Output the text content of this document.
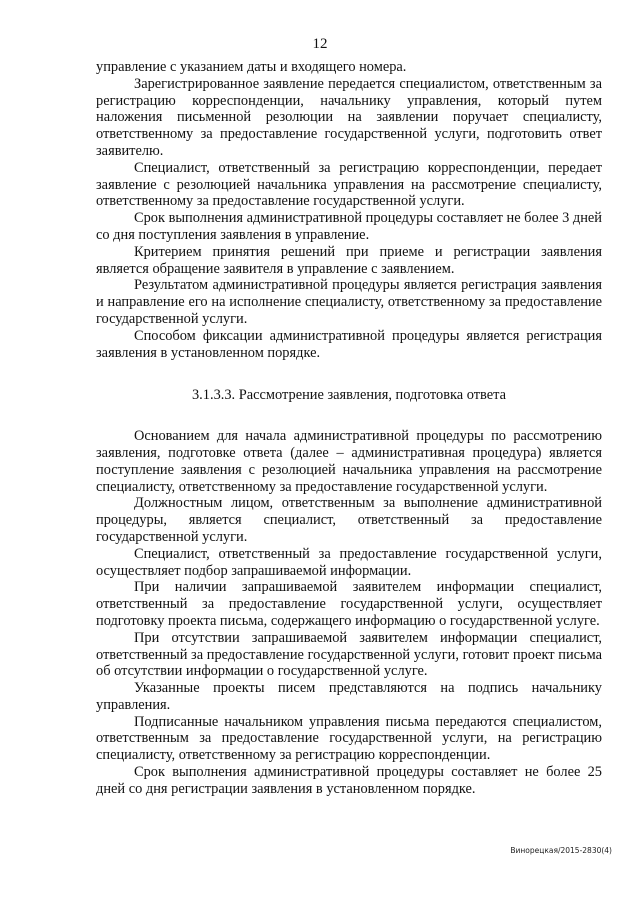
12

управление с указанием даты и входящего номера.

Зарегистрированное заявление передается специалистом, ответственным за регистрацию корреспонденции, начальнику управления, который путем наложения письменной резолюции на заявлении поручает специалисту, ответственному за предоставление государственной услуги, подготовить ответ заявителю.

Специалист, ответственный за регистрацию корреспонденции, передает заявление с резолюцией начальника управления на рассмотрение специалисту, ответственному за предоставление государственной услуги.

Срок выполнения административной процедуры составляет не более 3 дней со дня поступления заявления в управление.

Критерием принятия решений при приеме и регистрации заявления является обращение заявителя в управление с заявлением.

Результатом административной процедуры является регистрация заявления и направление его на исполнение специалисту, ответственному за предоставление государственной услуги.

Способом фиксации административной процедуры является регистрация заявления в установленном порядке.

3.1.3.3. Рассмотрение заявления, подготовка ответа

Основанием для начала административной процедуры по рассмотрению заявления, подготовке ответа (далее – административная процедура) является поступление заявления с резолюцией начальника управления на рассмотрение специалисту, ответственному за предоставление государственной услуги.

Должностным лицом, ответственным за выполнение административной процедуры, является специалист, ответственный за предоставление государственной услуги.

Специалист, ответственный за предоставление государственной услуги, осуществляет подбор запрашиваемой информации.

При наличии запрашиваемой заявителем информации специалист, ответственный за предоставление государственной услуги, осуществляет подготовку проекта письма, содержащего информацию о государственной услуге.

При отсутствии запрашиваемой заявителем информации специалист, ответственный за предоставление государственной услуги, готовит проект письма об отсутствии информации о государственной услуге.

Указанные проекты писем представляются на подпись начальнику управления.

Подписанные начальником управления письма передаются специалистом, ответственным за предоставление государственной услуги, на регистрацию специалисту, ответственному за регистрацию корреспонденции.

Срок выполнения административной процедуры составляет не более 25 дней со дня регистрации заявления в установленном порядке.

Винорецкая/2015-2830(4)
